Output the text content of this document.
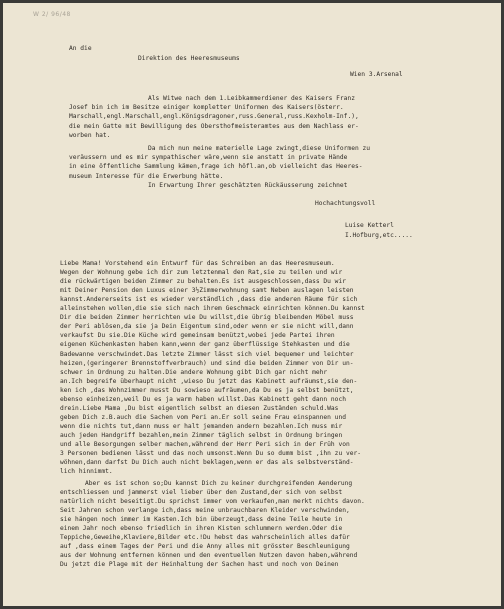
W 2/ 96/48
An die
Direktion des Heeresmuseums
Wien 3.Arsenal
Als Witwe nach dem 1.Leibkammerdiener des Kaisers Franz
Josef bin ich im Besitze einiger kompletter Uniformen des Kaisers(österr.
Marschall,engl.Marschall,engl.Königsdragoner,russ.General,russ.Kexholm-Inf.),
die mein Gatte mit Bewilligung des Obersthofmeisteramtes aus dem Nachlass er-
worben hat.
Da mich nun meine materielle Lage zwingt,diese Uniformen zu
veräussern und es mir sympathischer wäre,wenn sie anstatt in private Hände
in eine öffentliche Sammlung kämen,frage ich höfl.an,ob vielleicht das Heeres-
museum Interesse für die Erwerbung hätte.
In Erwartung Ihrer geschätzten Rückäusserung zeichnet
Hochachtungsvoll
Luise Ketterl
I.Hofburg,etc.....
Liebe Mama! Vorstehend ein Entwurf für das Schreiben an das Heeresmuseum.
Wegen der Wohnung gebe ich dir zum letztenmal den Rat,sie zu teilen und wir
die rückwärtigen beiden Zimmer zu behalten.Es ist ausgeschlossen,dass Du wir
mit Deiner Pension den Luxus einer 3½Zimmerwohnung samt Neben auslagen leisten
kannst.Andererseits ist es wieder verständlich ,dass die anderen Räume für sich
alleinstehen wollen,die sie sich nach ihrem Geschmack einrichten können.Du kannst
Dir die beiden Zimmer herrichten wie Du willst,die übrig bleibenden Möbel muss
der Peri ablösen,da sie ja Dein Eigentum sind,oder wenn er sie nicht will,dann
verkaufst Du sie.Die Küche wird gemeinsam benützt,wobei jede Partei ihren
eigenen Küchenkasten haben kann,wenn der ganz überflüssige Stehkasten und die
Badewanne verschwindet.Das letzte Zimmer lässt sich viel bequemer und leichter
heizen,(geringerer Brennstoffverbrauch) und sind die beiden Zimmer von Dir un-
schwer in Ordnung zu halten.Die andere Wohnung gibt Dich gar nicht mehr
an.Ich begreife überhaupt nicht ,wieso Du jetzt das Kabinett aufräumst,sie den-
ken ich ,das Wohnzimmer musst Du sowieso aufräumen,da Du es ja selbst benützt,
ebenso einheizen,weil Du es ja warm haben willst.Das Kabinett geht dann noch
drein.Liebe Mama ,Du bist eigentlich selbst an diesen Zuständen schuld.Was
geben Dich z.B.auch die Sachen vom Peri an.Er soll seine Frau einspannen und
wenn die nichts tut,dann muss er halt jemanden andern bezahlen.Ich muss mir
auch jeden Handgriff bezahlen,mein Zimmer täglich selbst in Ordnung bringen
und alle Besorgungen selber machen,während der Herr Peri sich in der Früh von
3 Personen bedienen lässt und das noch umsonst.Wenn Du so dumm bist ,ihn zu ver-
wöhnen,dann darfst Du Dich auch nicht beklagen,wenn er das als selbstverständ-
lich hinnimmt.
Aber es ist schon so;Du kannst Dich zu keiner durchgreifenden Aenderung
entschliessen und jammerst viel lieber über den Zustand,der sich von selbst
natürlich nicht beseitigt.Du sprichst immer vom verkaufen,man merkt nichts davon.
Seit Jahren schon verlange ich,dass meine unbrauchbaren Kleider verschwinden,
sie hängen noch immer im Kasten.Ich bin überzeugt,dass deine Teile heute in
einem Jahr noch ebenso friedlich in ihren Kisten schlummern werden.Oder die
Teppiche,Geweihe,Klaviere,Bilder etc.!Du hebst das wahrscheinlich alles dafür
auf ,dass einem Tages der Peri und die Anny alles mit grösster Beschleunigung
aus der Wohnung entfernen können und den eventuellen Nutzen davon haben,während
Du jetzt die Plage mit der Heinhaltung der Sachen hast und noch von Deinen
